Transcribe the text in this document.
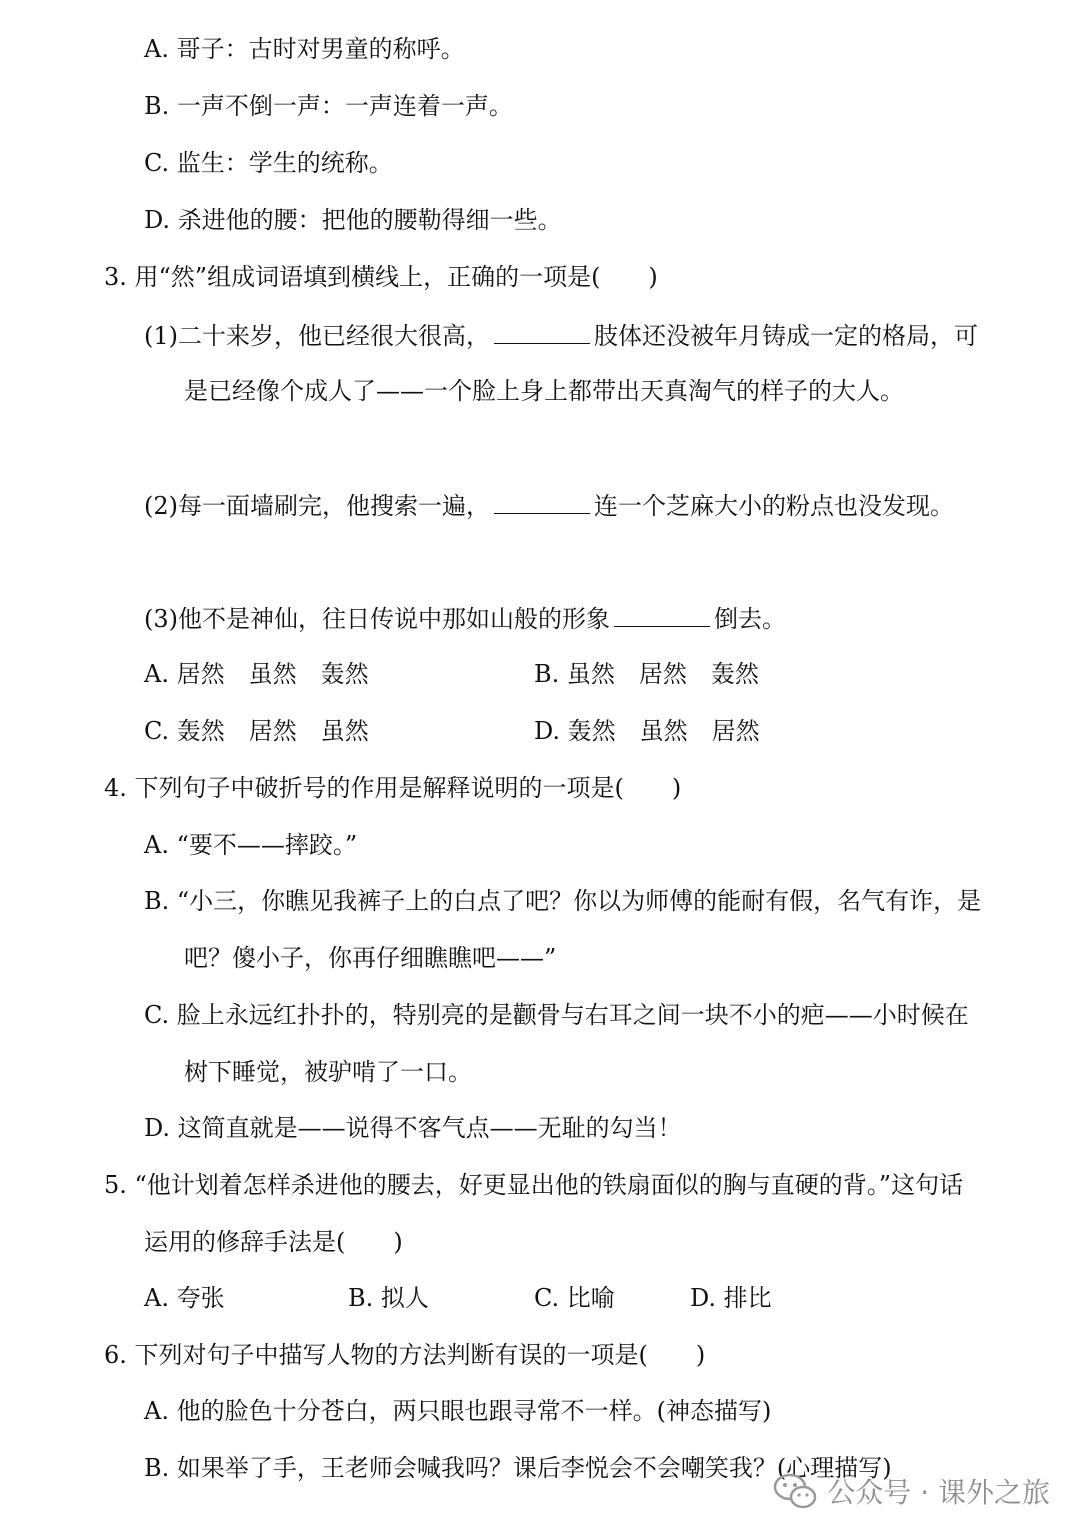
A. 哥子：古时对男童的称呼。
B. 一声不倒一声：一声连着一声。
C. 监生：学生的统称。
D. 杀进他的腰：把他的腰勒得细一些。
3. 用“然”组成词语填到横线上，正确的一项是(　　)
(1)二十来岁，他已经很大很高，	肢体还没被年月铸成一定的格局，可
是已经像个成人了——一个脸上身上都带出天真淘气的样子的大人。
(2)每一面墙刷完，他搜索一遍，	连一个芝麻大小的粉点也没发现。
(3)他不是神仙，往日传说中那如山般的形象	倒去。
A. 居然　虽然　轰然	B. 虽然　居然　轰然
C. 轰然　居然　虽然	D. 轰然　虽然　居然
4. 下列句子中破折号的作用是解释说明的一项是(　　)
A. “要不——摔跤。”
B. “小三，你瞧见我裤子上的白点了吧？你以为师傅的能耐有假，名气有诈，是
吧？傻小子，你再仔细瞧瞧吧——”
C. 脸上永远红扑扑的，特别亮的是颧骨与右耳之间一块不小的疤——小时候在
树下睡觉，被驴啃了一口。
D. 这简直就是——说得不客气点——无耻的勾当！
5. “他计划着怎样杀进他的腰去，好更显出他的铁扇面似的胸与直硬的背。”这句话
运用的修辞手法是(　　)
A. 夸张	B. 拟人	C. 比喻	D. 排比
6. 下列对句子中描写人物的方法判断有误的一项是(　　)
A. 他的脸色十分苍白，两只眼也跟寻常不一样。(神态描写)
B. 如果举了手，王老师会喊我吗？课后李悦会不会嘲笑我？(心理描写)
公众号 · 课外之旅
